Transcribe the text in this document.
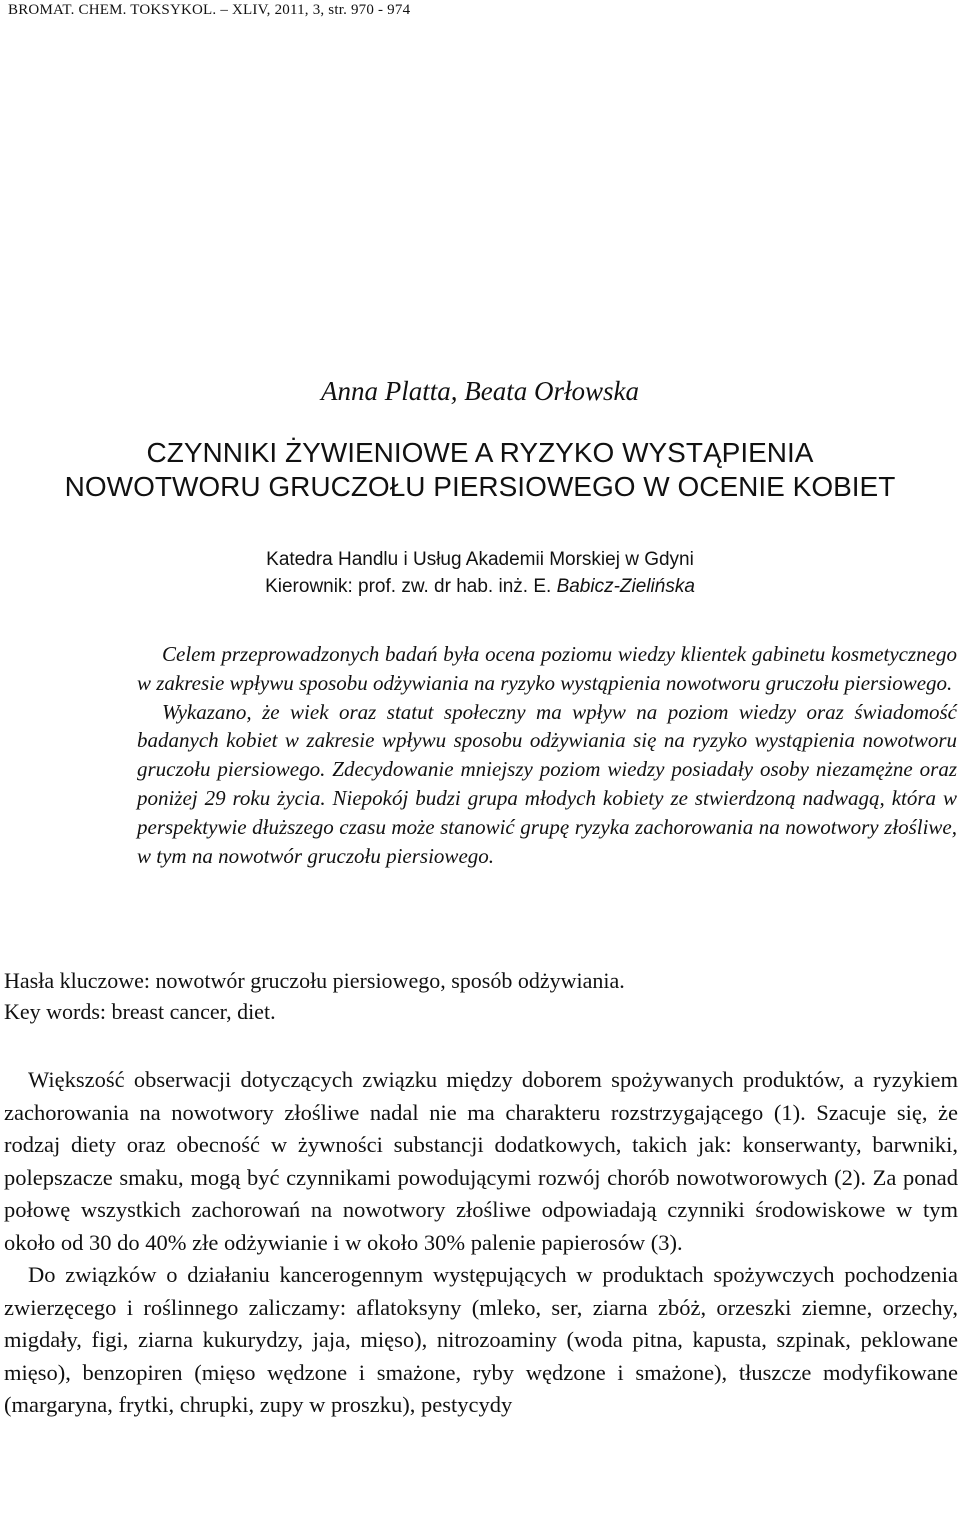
BROMAT. CHEM. TOKSYKOL. – XLIV, 2011, 3, str. 970 - 974
Anna Platta, Beata Orłowska
CZYNNIKI ŻYWIENIOWE A RYZYKO WYSTĄPIENIA
NOWOTWORU GRUCZOŁU PIERSIOWEGO W OCENIE KOBIET
Katedra Handlu i Usług Akademii Morskiej w Gdyni
Kierownik: prof. zw. dr hab. inż. E. Babicz-Zielińska

Celem przeprowadzonych badań była ocena poziomu wiedzy klientek gabinetu kosmetycznego w zakresie wpływu sposobu odżywiania na ryzyko wystąpienia nowotworu gruczołu piersiowego.

Wykazano, że wiek oraz statut społeczny ma wpływ na poziom wiedzy oraz świadomość badanych kobiet w zakresie wpływu sposobu odżywiania się na ryzyko wystąpienia nowotworu gruczołu piersiowego. Zdecydowanie mniejszy poziom wiedzy posiadały osoby niezamężne oraz poniżej 29 roku życia. Niepokój budzi grupa młodych kobiety ze stwierdzoną nadwagą, która w perspektywie dłuższego czasu może stanowić grupę ryzyka zachorowania na nowotwory złośliwe, w tym na nowotwór gruczołu piersiowego.

Hasła kluczowe: nowotwór gruczołu piersiowego, sposób odżywiania.
Key words: breast cancer, diet.

Większość obserwacji dotyczących związku między doborem spożywanych produktów, a ryzykiem zachorowania na nowotwory złośliwe nadal nie ma charakteru rozstrzygającego (1). Szacuje się, że rodzaj diety oraz obecność w żywności substancji dodatkowych, takich jak: konserwanty, barwniki, polepszacze smaku, mogą być czynnikami powodującymi rozwój chorób nowotworowych (2). Za ponad połowę wszystkich zachorowań na nowotwory złośliwe odpowiadają czynniki środowiskowe w tym około od 30 do 40% złe odżywianie i w około 30% palenie papierosów (3).

Do związków o działaniu kancerogennym występujących w produktach spożywczych pochodzenia zwierzęcego i roślinnego zaliczamy: aflatoksyny (mleko, ser, ziarna zbóż, orzeszki ziemne, orzechy, migdały, figi, ziarna kukurydzy, jaja, mięso), nitrozoaminy (woda pitna, kapusta, szpinak, peklowane mięso), benzopiren (mięso wędzone i smażone, ryby wędzone i smażone), tłuszcze modyfikowane (margaryna, frytki, chrupki, zupy w proszku), pestycydy
